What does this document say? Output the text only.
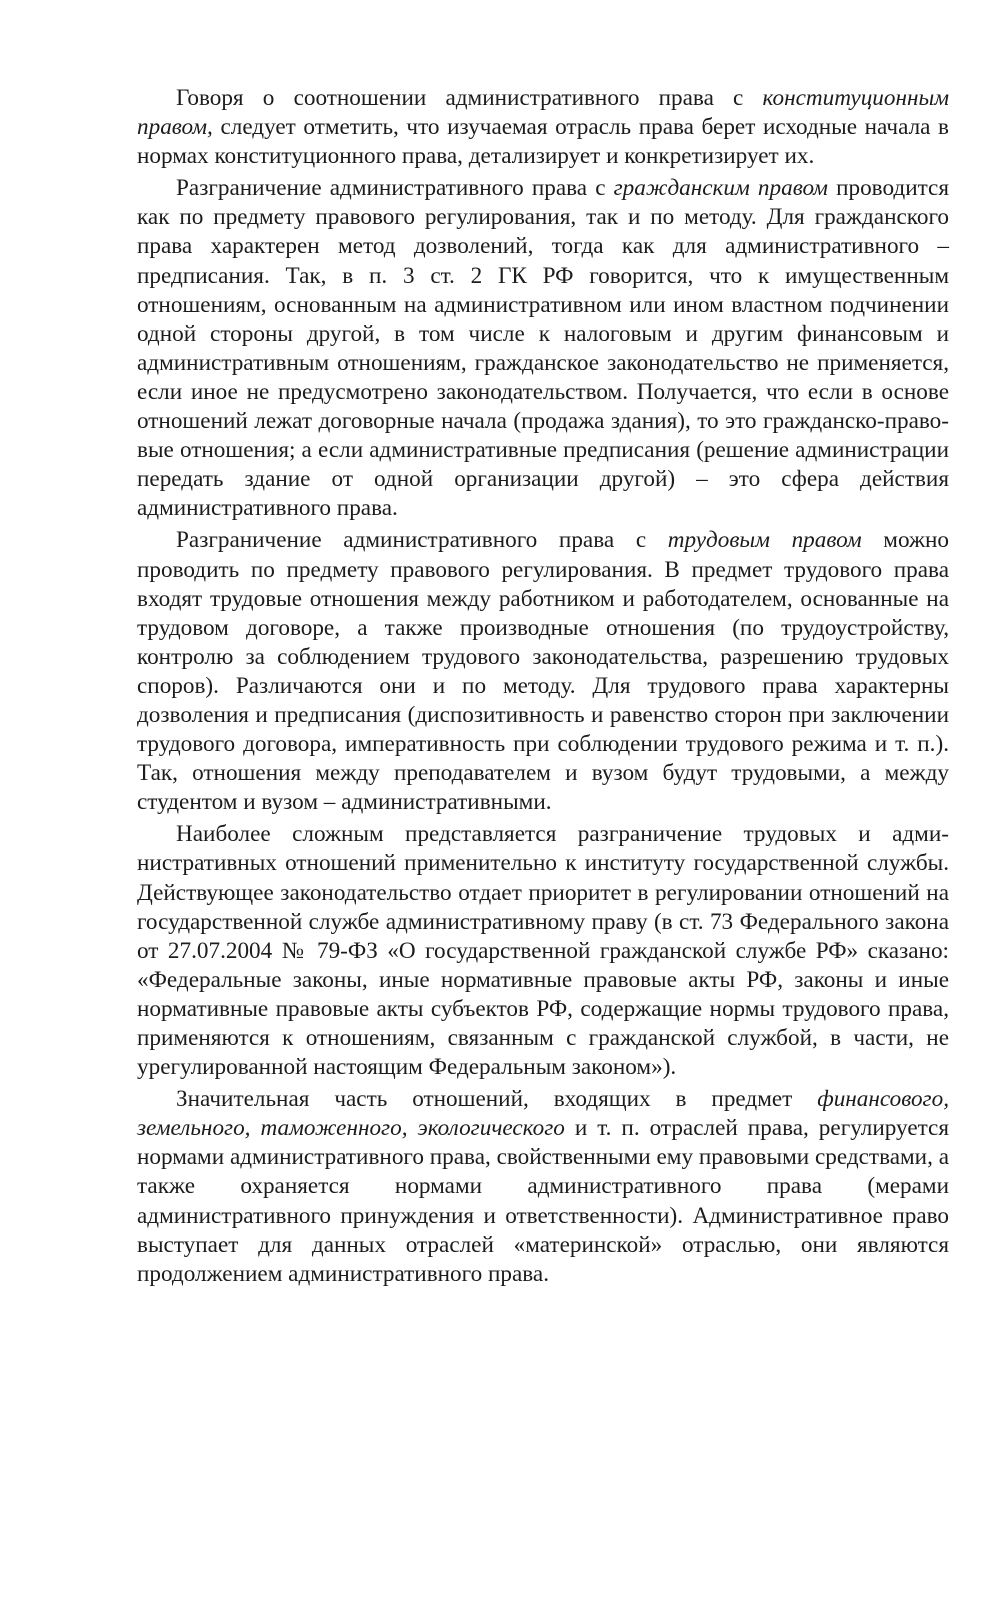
Говоря о соотношении административного права с конституционным правом, следует отметить, что изучаемая отрасль права берет исходные начала в нормах конституционного права, детализирует и конкретизирует их.

Разграничение административного права с гражданским правом проводится как по предмету правового регулирования, так и по методу. Для гражданского права характерен метод дозволений, тогда как для административного – предписания. Так, в п. 3 ст. 2 ГК РФ говорится, что к имущественным отношениям, основанным на административном или ином властном подчинении одной стороны другой, в том числе к налоговым и другим финансовым и административным отношениям, гражданское законодательство не применяется, если иное не предусмотрено законодательством. Получается, что если в основе отношений лежат договорные начала (продажа здания), то это гражданско-правовые отношения; а если административные предписания (решение администрации передать здание от одной организации другой) – это сфера действия административного права.

Разграничение административного права с трудовым правом можно проводить по предмету правового регулирования. В предмет трудового права входят трудовые отношения между работником и работодателем, основанные на трудовом договоре, а также производные отношения (по трудоустройству, контролю за соблюдением трудового законодательства, разрешению трудовых споров). Различаются они и по методу. Для трудового права характерны дозволения и предписания (диспозитивность и равенство сторон при заключении трудового договора, императивность при соблюдении трудового режима и т. п.). Так, отношения между преподавателем и вузом будут трудовыми, а между студентом и вузом – административными.

Наиболее сложным представляется разграничение трудовых и административных отношений применительно к институту государственной службы. Действующее законодательство отдает приоритет в регулировании отношений на государственной службе административному праву (в ст. 73 Федерального закона от 27.07.2004 № 79-ФЗ «О государственной гражданской службе РФ» сказано: «Федеральные законы, иные нормативные правовые акты РФ, законы и иные нормативные правовые акты субъектов РФ, содержащие нормы трудового права, применяются к отношениям, связанным с гражданской службой, в части, не урегулированной настоящим Федеральным законом»).

Значительная часть отношений, входящих в предмет финансового, земельного, таможенного, экологического и т. п. отраслей права, регулируется нормами административного права, свойственными ему правовыми средствами, а также охраняется нормами административного права (мерами административного принуждения и ответственности). Административное право выступает для данных отраслей «материнской» отраслью, они являются продолжением административного права.
